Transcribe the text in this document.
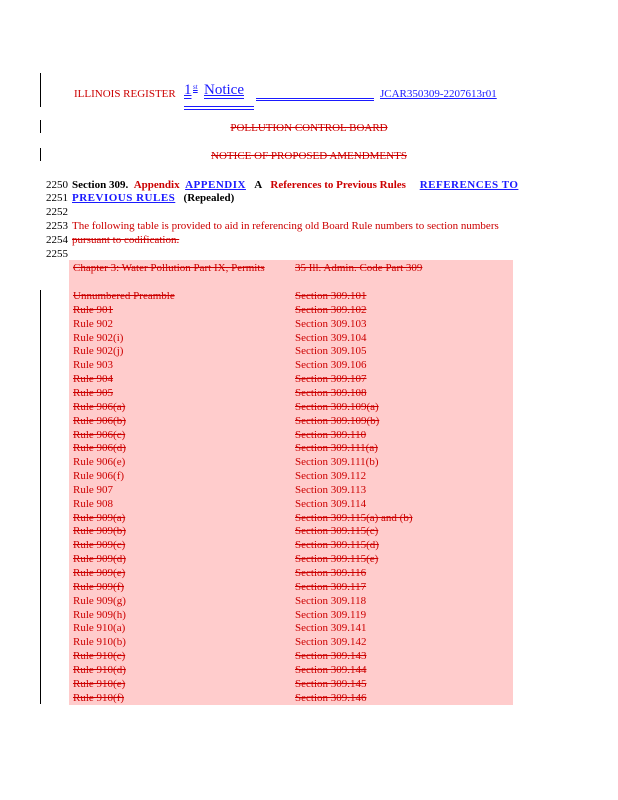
ILLINOIS REGISTER 1 st Notice	JCAR350309-2207613r01
POLLUTION CONTROL BOARD
NOTICE OF PROPOSED AMENDMENTS
2250 Section 309. Appendix APPENDIX A References to Previous Rules REFERENCES TO
2251 PREVIOUS RULES (Repealed)
2252
2253 The following table is provided to aid in referencing old Board Rule numbers to section numbers
2254 pursuant to codification.
2255
Chapter 3: Water Pollution Part IX, Permits	35 Ill. Admin. Code Part 309
Unnumbered Preamble	Section 309.101
Rule 901	Section 309.102
Rule 902	Section 309.103
Rule 902(i)	Section 309.104
Rule 902(j)	Section 309.105
Rule 903	Section 309.106
Rule 904	Section 309.107
Rule 905	Section 309.108
Rule 906(a)	Section 309.109(a)
Rule 906(b)	Section 309.109(b)
Rule 906(c)	Section 309.110
Rule 906(d)	Section 309.111(a)
Rule 906(e)	Section 309.111(b)
Rule 906(f)	Section 309.112
Rule 907	Section 309.113
Rule 908	Section 309.114
Rule 909(a)	Section 309.115(a) and (b)
Rule 909(b)	Section 309.115(c)
Rule 909(c)	Section 309.115(d)
Rule 909(d)	Section 309.115(e)
Rule 909(e)	Section 309.116
Rule 909(f)	Section 309.117
Rule 909(g)	Section 309.118
Rule 909(h)	Section 309.119
Rule 910(a)	Section 309.141
Rule 910(b)	Section 309.142
Rule 910(c)	Section 309.143
Rule 910(d)	Section 309.144
Rule 910(e)	Section 309.145
Rule 910(f)	Section 309.146
